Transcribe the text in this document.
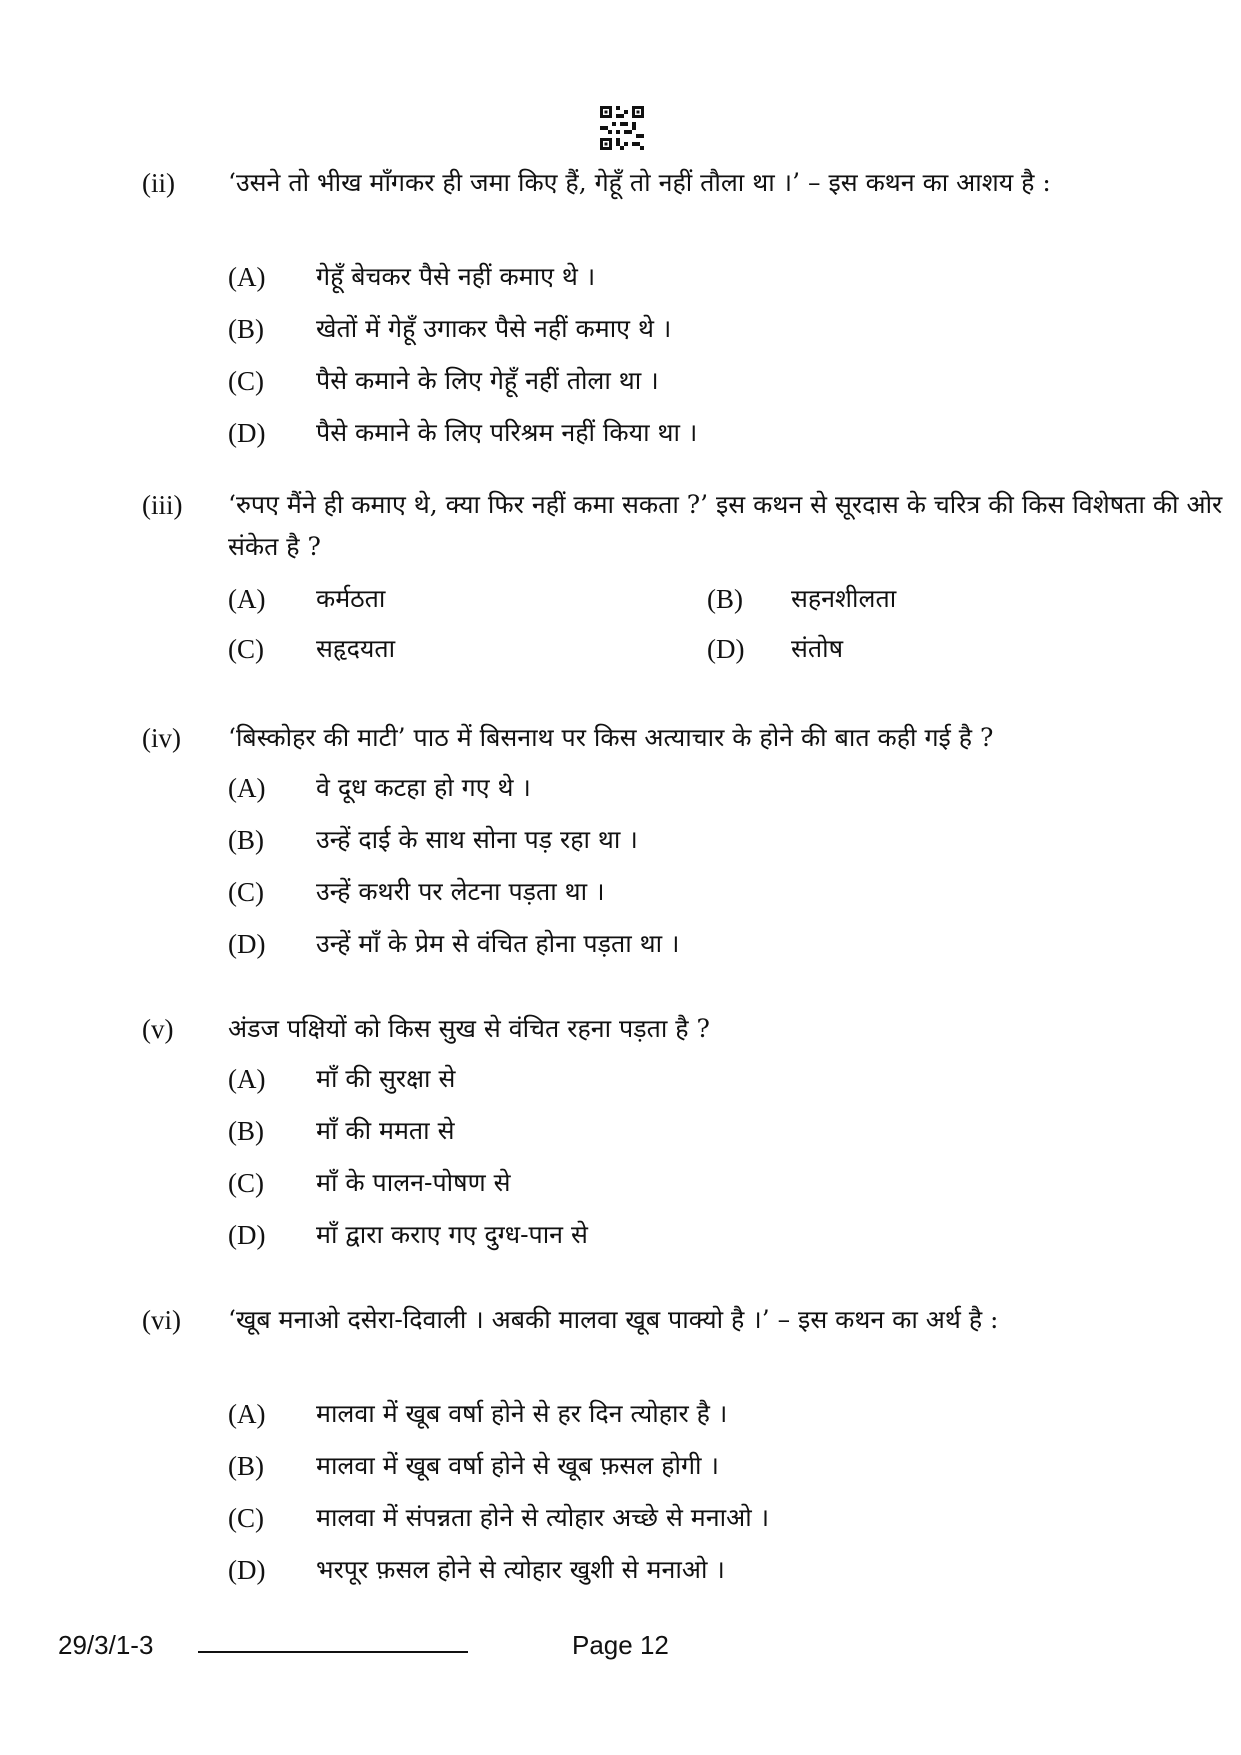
(ii) ‘उसने तो भीख माँगकर ही जमा किए हैं, गेहूँ तो नहीं तौला था ।’ – इस कथन का आशय है :
(A) गेहूँ बेचकर पैसे नहीं कमाए थे ।
(B) खेतों में गेहूँ उगाकर पैसे नहीं कमाए थे ।
(C) पैसे कमाने के लिए गेहूँ नहीं तोला था ।
(D) पैसे कमाने के लिए परिश्रम नहीं किया था ।
(iii) ‘रुपए मैंने ही कमाए थे, क्या फिर नहीं कमा सकता ?’ इस कथन से सूरदास के चरित्र की किस विशेषता की ओर संकेत है ?
(A) कर्मठता	(B) सहनशीलता
(C) सहृदयता	(D) संतोष
(iv) ‘बिस्कोहर की माटी’ पाठ में बिसनाथ पर किस अत्याचार के होने की बात कही गई है ?
(A) वे दूध कटहा हो गए थे ।
(B) उन्हें दाई के साथ सोना पड़ रहा था ।
(C) उन्हें कथरी पर लेटना पड़ता था ।
(D) उन्हें माँ के प्रेम से वंचित होना पड़ता था ।
(v) अंडज पक्षियों को किस सुख से वंचित रहना पड़ता है ?
(A) माँ की सुरक्षा से
(B) माँ की ममता से
(C) माँ के पालन-पोषण से
(D) माँ द्वारा कराए गए दुग्ध-पान से
(vi) ‘खूब मनाओ दसेरा-दिवाली । अबकी मालवा खूब पाक्यो है ।’ – इस कथन का अर्थ है :
(A) मालवा में खूब वर्षा होने से हर दिन त्योहार है ।
(B) मालवा में खूब वर्षा होने से खूब फ़सल होगी ।
(C) मालवा में संपन्नता होने से त्योहार अच्छे से मनाओ ।
(D) भरपूर फ़सल होने से त्योहार खुशी से मनाओ ।
29/3/1-3	Page 12
